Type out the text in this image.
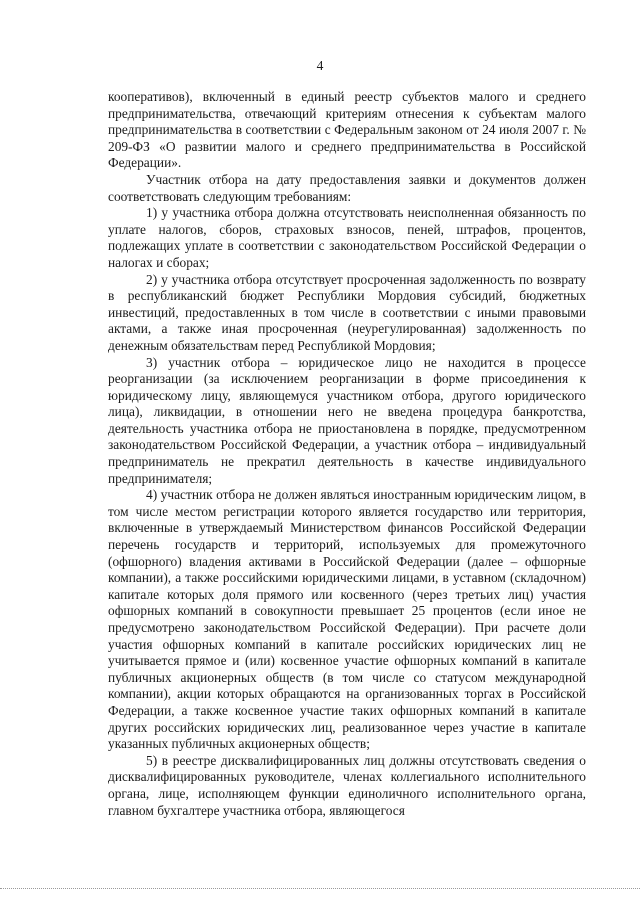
4

кооперативов), включенный в единый реестр субъектов малого и среднего предпринимательства, отвечающий критериям отнесения к субъектам малого предпринимательства в соответствии с Федеральным законом от 24 июля 2007 г. № 209-ФЗ «О развитии малого и среднего предпринимательства в Российской Федерации».

Участник отбора на дату предоставления заявки и документов должен соответствовать следующим требованиям:

1) у участника отбора должна отсутствовать неисполненная обязанность по уплате налогов, сборов, страховых взносов, пеней, штрафов, процентов, подлежащих уплате в соответствии с законодательством Российской Федерации о налогах и сборах;

2) у участника отбора отсутствует просроченная задолженность по возврату в республиканский бюджет Республики Мордовия субсидий, бюджетных инвестиций, предоставленных в том числе в соответствии с иными правовыми актами, а также иная просроченная (неурегулированная) задолженность по денежным обязательствам перед Республикой Мордовия;

3) участник отбора – юридическое лицо не находится в процессе реорганизации (за исключением реорганизации в форме присоединения к юридическому лицу, являющемуся участником отбора, другого юридического лица), ликвидации, в отношении него не введена процедура банкротства, деятельность участника отбора не приостановлена в порядке, предусмотренном законодательством Российской Федерации, а участник отбора – индивидуальный предприниматель не прекратил деятельность в качестве индивидуального предпринимателя;

4) участник отбора не должен являться иностранным юридическим лицом, в том числе местом регистрации которого является государство или территория, включенные в утверждаемый Министерством финансов Российской Федерации перечень государств и территорий, используемых для промежуточного (офшорного) владения активами в Российской Федерации (далее – офшорные компании), а также российскими юридическими лицами, в уставном (складочном) капитале которых доля прямого или косвенного (через третьих лиц) участия офшорных компаний в совокупности превышает 25 процентов (если иное не предусмотрено законодательством Российской Федерации). При расчете доли участия офшорных компаний в капитале российских юридических лиц не учитывается прямое и (или) косвенное участие офшорных компаний в капитале публичных акционерных обществ (в том числе со статусом международной компании), акции которых обращаются на организованных торгах в Российской Федерации, а также косвенное участие таких офшорных компаний в капитале других российских юридических лиц, реализованное через участие в капитале указанных публичных акционерных обществ;

5) в реестре дисквалифицированных лиц должны отсутствовать сведения о дисквалифицированных руководителе, членах коллегиального исполнительного органа, лице, исполняющем функции единоличного исполнительного органа, главном бухгалтере участника отбора, являющегося
